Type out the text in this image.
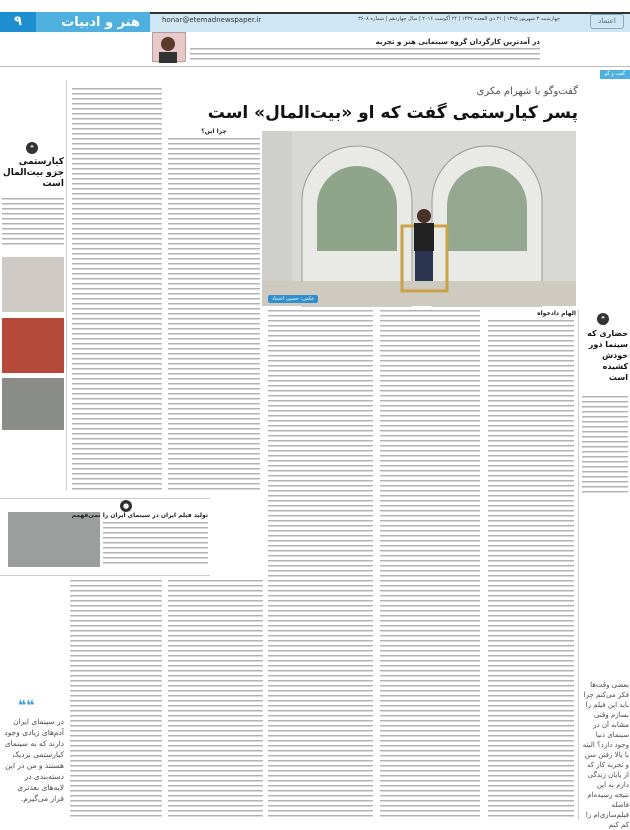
هنر و ادبیات
۹	honar@etemadnewspaper.ir	چهارشنبه ۳ شهریور ۱۳۹۵ | ۲۱ ذی القعده ۱۴۳۷ | ۲۴ آگوست ۲۰۱۶ | سال چهاردهم | شماره ۳۶۰۸	اعتماد
در آمدترین کارگردان گروه سینمایی هنر و تجربه
گفت و گو
گفت‌وگو با شهرام مکری
پسر کیارستمی گفت که او «بیت‌المال» است
عکس: حسین اعتماد
الهام دادخواه
چرا این؟
❝
کیارستمی جزو بیت‌المال است
❝
حضاری که سینما دور خودش کشیده است
بعضی وقت‌ها فکر می‌کنم چرا باید این فیلم را بسازم وقتی مشابه آن در سینمای دنیا وجود دارد؟ البته با بالا رفتن سن و تجربه کار که از پایان زندگی دارم به این نتیجه رسیده‌ام فاصله فیلم‌سازی‌ام را کم کنم
●
تولید فیلم ایران در سینمای ایران را نمی‌فهمم
❝❝
در سینمای ایران آدم‌های زیادی وجود دارند که به سینمای کیارستمی نزدیک هستند و من در این دسته‌بندی در لایه‌های بعدتری قرار می‌گیرم.
